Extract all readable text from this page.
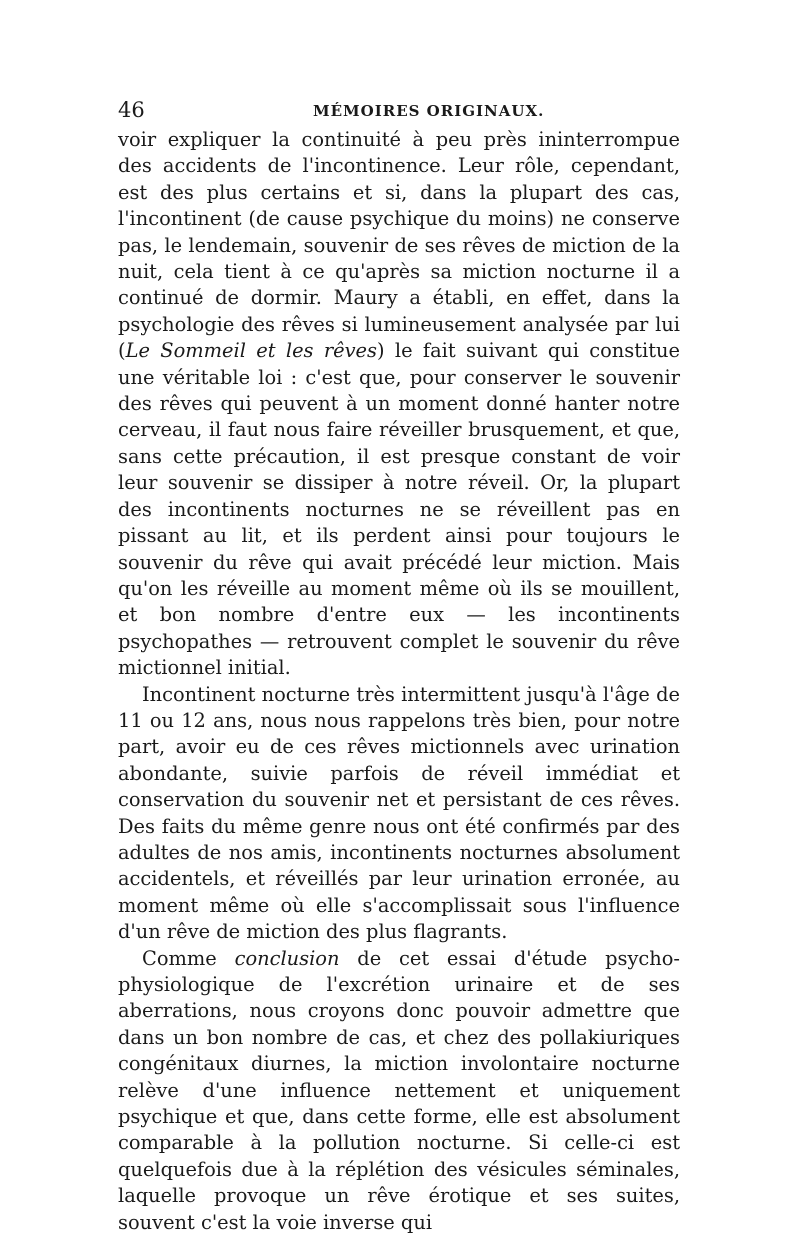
46	MÉMOIRES ORIGINAUX.

voir expliquer la continuité à peu près ininterrompue des accidents de l'incontinence. Leur rôle, cependant, est des plus certains et si, dans la plupart des cas, l'incontinent (de cause psychique du moins) ne conserve pas, le lendemain, souvenir de ses rêves de miction de la nuit, cela tient à ce qu'après sa miction nocturne il a continué de dormir. Maury a établi, en effet, dans la psychologie des rêves si lumineusement analysée par lui (Le Sommeil et les rêves) le fait suivant qui constitue une véritable loi : c'est que, pour conserver le souvenir des rêves qui peuvent à un moment donné hanter notre cerveau, il faut nous faire réveiller brusquement, et que, sans cette précaution, il est presque constant de voir leur souvenir se dissiper à notre réveil. Or, la plupart des incontinents nocturnes ne se réveillent pas en pissant au lit, et ils perdent ainsi pour toujours le souvenir du rêve qui avait précédé leur miction. Mais qu'on les réveille au moment même où ils se mouillent, et bon nombre d'entre eux — les incontinents psychopathes — retrouvent complet le souvenir du rêve mictionnel initial.

Incontinent nocturne très intermittent jusqu'à l'âge de 11 ou 12 ans, nous nous rappelons très bien, pour notre part, avoir eu de ces rêves mictionnels avec urination abondante, suivie parfois de réveil immédiat et conservation du souvenir net et persistant de ces rêves. Des faits du même genre nous ont été confirmés par des adultes de nos amis, incontinents nocturnes absolument accidentels, et réveillés par leur urination erronée, au moment même où elle s'accomplissait sous l'influence d'un rêve de miction des plus flagrants.

Comme conclusion de cet essai d'étude psycho-physiologique de l'excrétion urinaire et de ses aberrations, nous croyons donc pouvoir admettre que dans un bon nombre de cas, et chez des pollakiuriques congénitaux diurnes, la miction involontaire nocturne relève d'une influence nettement et uniquement psychique et que, dans cette forme, elle est absolument comparable à la pollution nocturne. Si celle-ci est quelquefois due à la réplétion des vésicules séminales, laquelle provoque un rêve érotique et ses suites, souvent c'est la voie inverse qui
